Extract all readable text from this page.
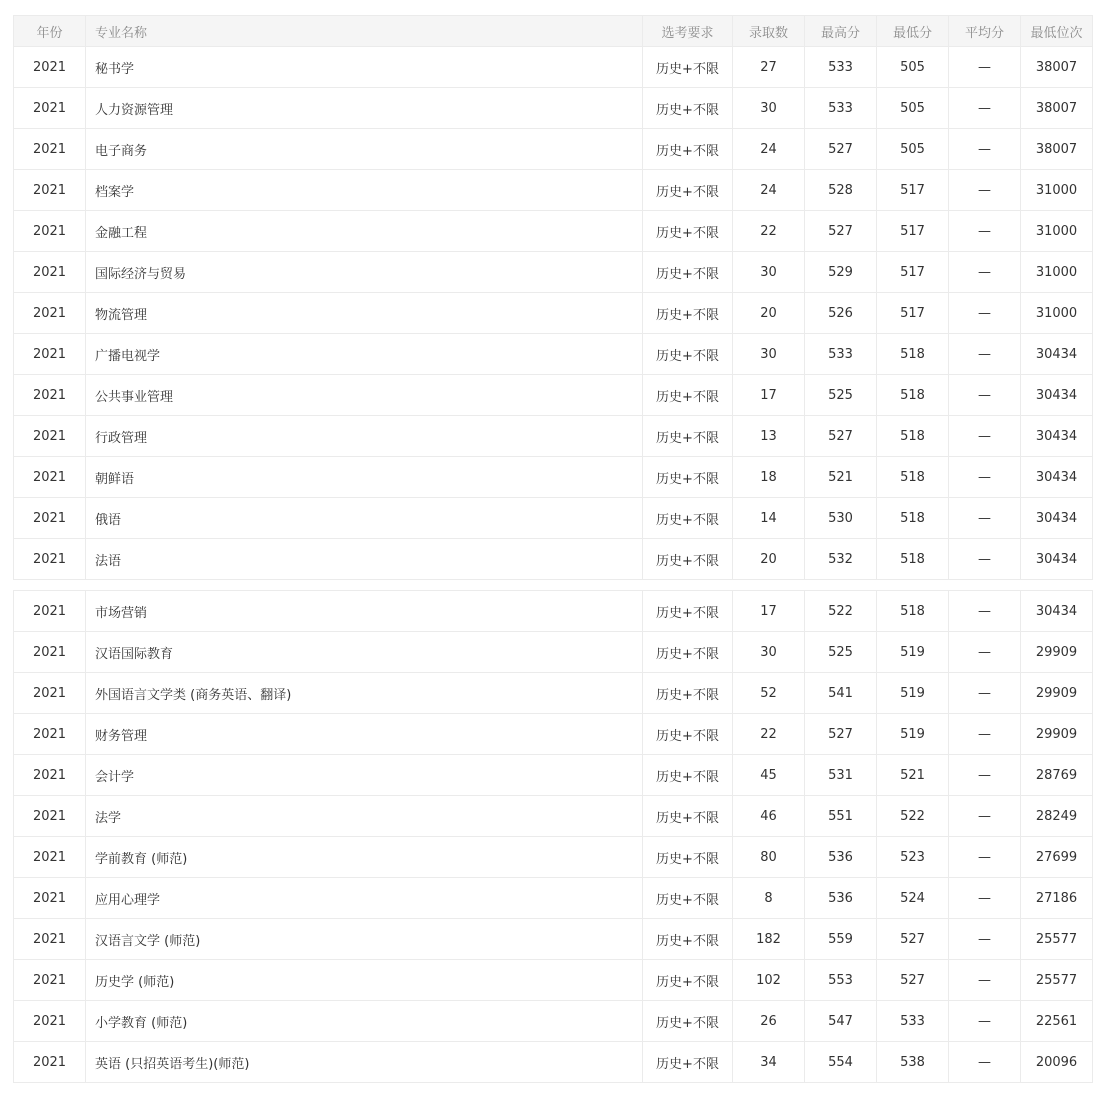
年份	专业名称	选考要求	录取数	最高分	最低分	平均分	最低位次
2021	秘书学	历史+不限	27	533	505	—	38007
2021	人力资源管理	历史+不限	30	533	505	—	38007
2021	电子商务	历史+不限	24	527	505	—	38007
2021	档案学	历史+不限	24	528	517	—	31000
2021	金融工程	历史+不限	22	527	517	—	31000
2021	国际经济与贸易	历史+不限	30	529	517	—	31000
2021	物流管理	历史+不限	20	526	517	—	31000
2021	广播电视学	历史+不限	30	533	518	—	30434
2021	公共事业管理	历史+不限	17	525	518	—	30434
2021	行政管理	历史+不限	13	527	518	—	30434
2021	朝鲜语	历史+不限	18	521	518	—	30434
2021	俄语	历史+不限	14	530	518	—	30434
2021	法语	历史+不限	20	532	518	—	30434
2021	市场营销	历史+不限	17	522	518	—	30434
2021	汉语国际教育	历史+不限	30	525	519	—	29909
2021	外国语言文学类 (商务英语、翻译)	历史+不限	52	541	519	—	29909
2021	财务管理	历史+不限	22	527	519	—	29909
2021	会计学	历史+不限	45	531	521	—	28769
2021	法学	历史+不限	46	551	522	—	28249
2021	学前教育 (师范)	历史+不限	80	536	523	—	27699
2021	应用心理学	历史+不限	8	536	524	—	27186
2021	汉语言文学 (师范)	历史+不限	182	559	527	—	25577
2021	历史学 (师范)	历史+不限	102	553	527	—	25577
2021	小学教育 (师范)	历史+不限	26	547	533	—	22561
2021	英语 (只招英语考生)(师范)	历史+不限	34	554	538	—	20096
